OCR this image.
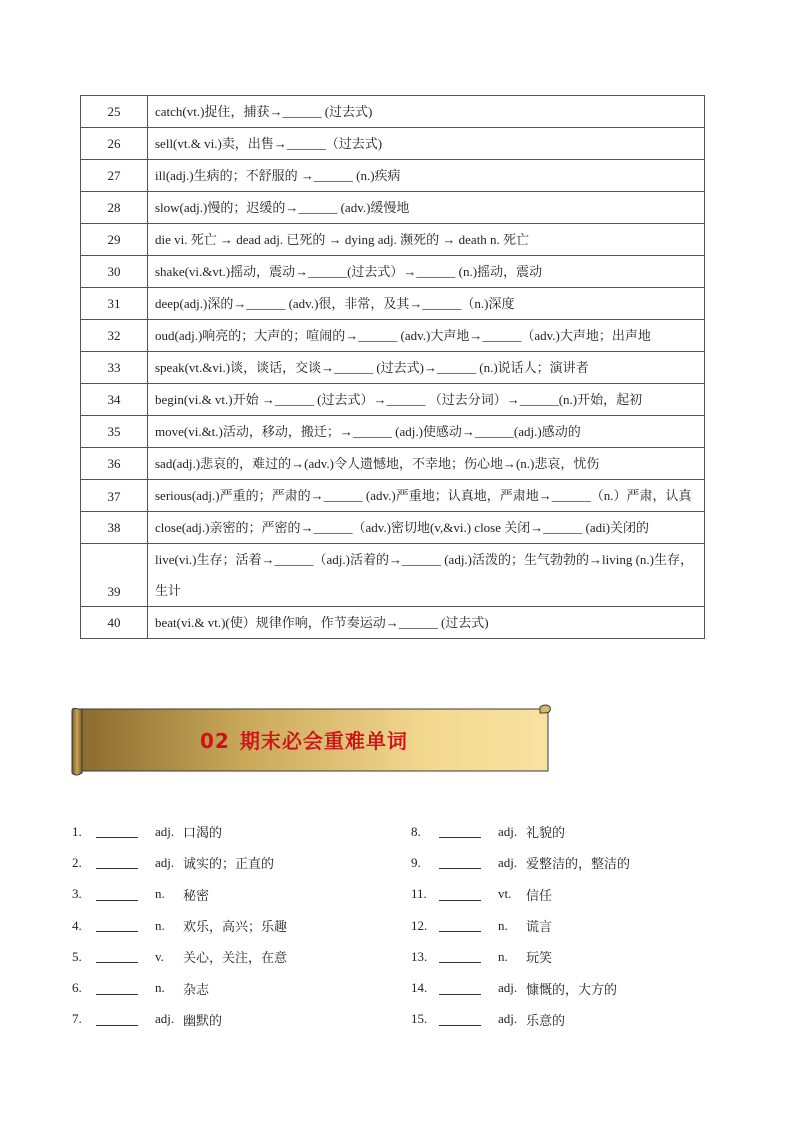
25	catch(vt.)捉住，捕获→______ (过去式)
26	sell(vt.& vi.)卖，出售→______（过去式)
27	ill(adj.)生病的；不舒服的 →______ (n.)疾病
28	slow(adj.)慢的；迟缓的→______ (adv.)缓慢地
29	die vi. 死亡 → dead adj. 已死的 → dying adj. 濒死的 → death n. 死亡
30	shake(vi.&vt.)摇动，震动→______(过去式）→______ (n.)摇动，震动
31	deep(adj.)深的→______ (adv.)很，非常，及其→______（n.)深度
32	oud(adj.)响亮的；大声的；喧闹的→______ (adv.)大声地→______（adv.)大声地；出声地
33	speak(vt.&vi.)谈，谈话，交谈→______ (过去式)→______ (n.)说话人；演讲者
34	begin(vi.& vt.)开始 →______ (过去式）→______ （过去分词）→______(n.)开始，起初
35	move(vi.&t.)活动，移动，搬迁；→______ (adj.)使感动→______(adj.)感动的
36	sad(adj.)悲哀的，难过的→(adv.)令人遗憾地，不幸地；伤心地→(n.)悲哀，忧伤
37	serious(adj.)严重的；严肃的→______ (adv.)严重地；认真地，严肃地→______（n.）严肃，认真
38	close(adj.)亲密的；严密的→______（adv.)密切地(v,&vi.) close 关闭→______ (adi)关闭的
39	live(vi.)生存；活着→______（adj.)活着的→______ (adj.)活泼的；生气勃勃的→living (n.)生存，生计
40	beat(vi.& vt.)(使）规律作响，作节奏运动→______ (过去式)
02 期末必会重难单词
1.	adj. 口渴的
2.	adj. 诚实的；正直的
3.	n.	秘密
4.	n.	欢乐，高兴；乐趣
5.	v.	关心，关注，在意
6.	n.	杂志
7.	adj. 幽默的
8.	adj. 礼貌的
9.	adj. 爱整洁的，整洁的
11.	vt.	信任
12.	n.	谎言
13.	n.	玩笑
14.	adj. 慷慨的，大方的
15.	adj. 乐意的
